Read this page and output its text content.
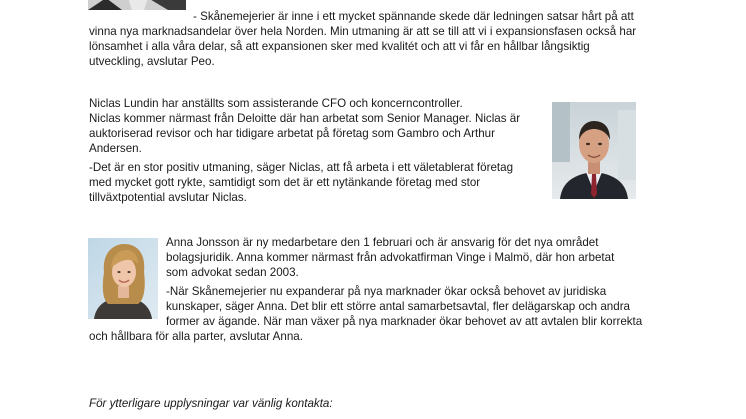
- Skånemejerier är inne i ett mycket spännande skede där ledningen satsar hårt på att

vinna nya marknadsandelar över hela Norden. Min utmaning är att se till att vi i expansionsfasen också har
lönsamhet i alla våra delar, så att expansionen sker med kvalitét och att vi får en hållbar långsiktig
utveckling, avslutar Peo.

Niclas Lundin har anställts som assisterande CFO och koncerncontroller.
Niclas kommer närmast från Deloitte där han arbetat som Senior Manager. Niclas är
auktoriserad revisor och har tidigare arbetat på företag som Gambro och Arthur
Andersen.

-Det är en stor positiv utmaning, säger Niclas, att få arbeta i ett väletablerat företag
med mycket gott rykte, samtidigt som det är ett nytänkande företag med stor
tillväxtpotential avslutar Niclas.

Anna Jonsson är ny medarbetare den 1 februari och är ansvarig för det nya området
bolagsjuridik. Anna kommer närmast från advokatfirman Vinge i Malmö, där hon arbetat
som advokat sedan 2003.

-När Skånemejerier nu expanderar på nya marknader ökar också behovet av juridiska
kunskaper, säger Anna. Det blir ett större antal samarbetsavtal, fler delägarskap och andra
former av ägande. När man växer på nya marknader ökar behovet av att avtalen blir korrekta

och hållbara för alla parter, avslutar Anna.

För ytterligare upplysningar var vänlig kontakta:
